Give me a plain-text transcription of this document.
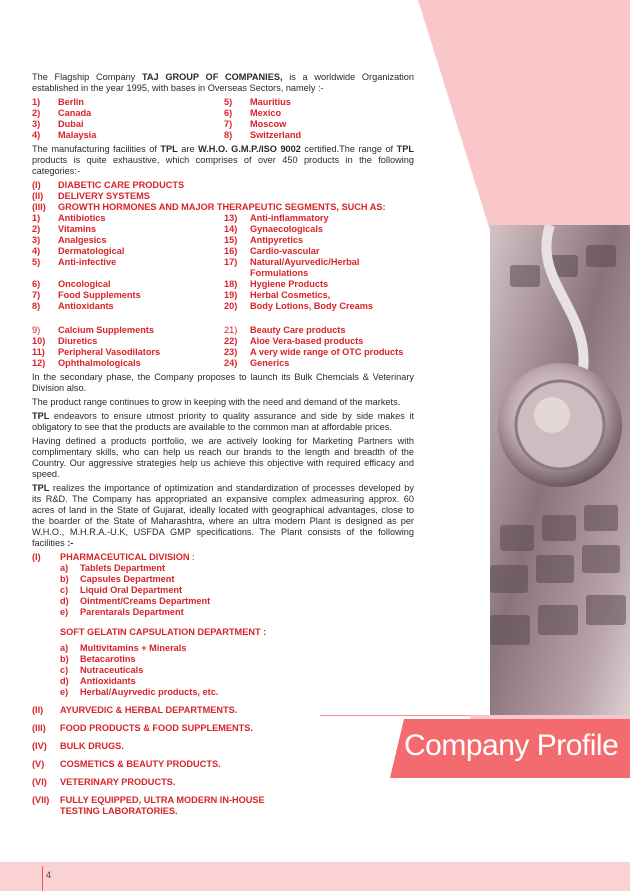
Company Profile
4

The Flagship Company TAJ GROUP OF COMPANIES, is a worldwide Organization established in the year 1995, with bases in Overseas Sectors, namely :-

1)	Berlin	5)	Mauritius
2)	Canada	6)	Mexico
3)	Dubai	7)	Moscow
4)	Malaysia	8)	Switzerland

The manufacturing facilities of TPL are W.H.O. G.M.P./ISO 9002 certified.The range of TPL products is quite exhaustive, which comprises of over 450 products in the following categories:-

(I)	DIABETIC CARE PRODUCTS
(II)	DELIVERY SYSTEMS
(III)	GROWTH HORMONES AND MAJOR THERAPEUTIC SEGMENTS, SUCH AS:
1)	Antibiotics	13)	Anti-inflammatory
2)	Vitamins	14)	Gynaecologicals
3)	Analgesics	15)	Antipyretics
4)	Dermatological	16)	Cardio-vascular
5)	Anti-infective	17)	Natural/Ayurvedic/Herbal Formulations
6)	Oncological	18)	Hygiene Products
7)	Food Supplements	19)	Herbal Cosmetics,
8)	Antioxidants	20)	Body Lotions, Body Creams
9)	Calcium Supplements	21)	Beauty Care products
10)	Diuretics	22)	Aloe Vera-based products
11)	Peripheral Vasodilators	23)	A very wide range of OTC products
12)	Ophthalmologicals	24)	Generics

In the secondary phase, the Company proposes to launch its Bulk Chemcials & Veterinary Division also.

The product range continues to grow in keeping with the need and demand of the markets.

TPL endeavors to ensure utmost priority to quality assurance and side by side makes it obligatory to see that the products are available to the common man at affordable prices.

Having defined a products portfolio, we are actively looking for Marketing Partners with complimentary skills, who can help us reach our brands to the length and breadth of the Country. Our aggressive strategies help us achieve this objective with required efficacy and speed.

TPL realizes the importance of optimization and standardization of processes developed by its R&D. The Company has appropriated an expansive complex admeasuring approx. 60 acres of land in the State of Gujarat, ideally located with geographical advantages, close to the boarder of the State of Maharashtra, where an ultra modern Plant is designed as per W.H.O., M.H.R.A.-U.K, USFDA GMP specifications. The Plant consists of the following facilities :-

(I)	PHARMACEUTICAL DIVISION :
a)	Tablets Department
b)	Capsules Department
c)	Liquid Oral Department
d)	Ointment/Creams Department
e)	Parentarals Department
SOFT GELATIN CAPSULATION DEPARTMENT :
a)	Multivitamins + Minerals
b)	Betacarotins
c)	Nutraceuticals
d)	Antioxidants
e)	Herbal/Auyrvedic products, etc.
(II)	AYURVEDIC & HERBAL DEPARTMENTS.
(III)	FOOD PRODUCTS & FOOD SUPPLEMENTS.
(IV)	BULK DRUGS.
(V)	COSMETICS & BEAUTY PRODUCTS.
(VI)	VETERINARY PRODUCTS.
(VII)	FULLY EQUIPPED, ULTRA MODERN IN-HOUSE TESTING LABORATORIES.
